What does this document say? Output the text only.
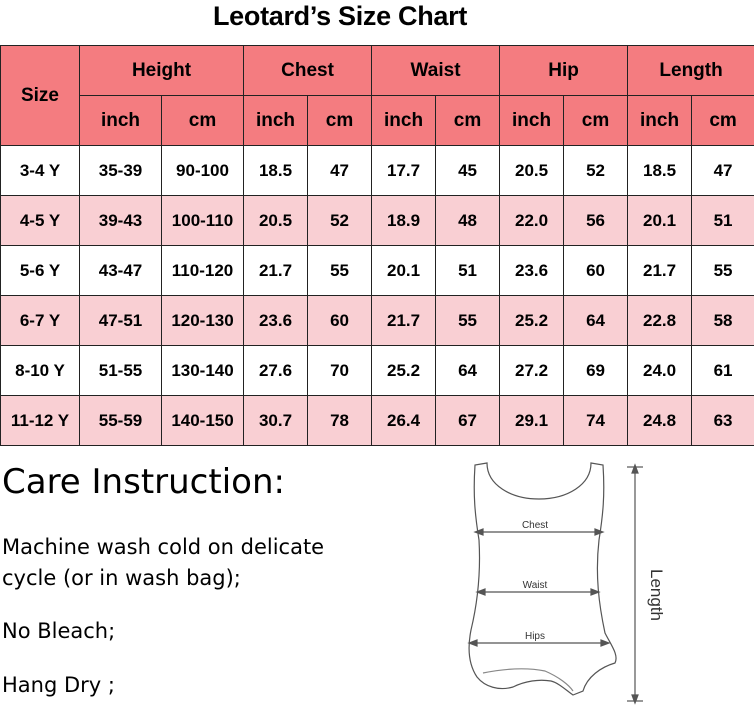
Leotard’s Size Chart
Size	Height		Chest		Waist		Hip		Length	
	inch	cm	inch	cm	inch	cm	inch	cm	inch	cm
3-4 Y	35-39	90-100	18.5	47	17.7	45	20.5	52	18.5	47
4-5 Y	39-43	100-110	20.5	52	18.9	48	22.0	56	20.1	51
5-6 Y	43-47	110-120	21.7	55	20.1	51	23.6	60	21.7	55
6-7 Y	47-51	120-130	23.6	60	21.7	55	25.2	64	22.8	58
8-10 Y	51-55	130-140	27.6	70	25.2	64	27.2	69	24.0	61
11-12 Y	55-59	140-150	30.7	78	26.4	67	29.1	74	24.8	63
Care Instruction:
Machine wash cold on delicate cycle (or in wash bag);
No Bleach;
Hang Dry ;
Chest
Waist
Hips
Length
